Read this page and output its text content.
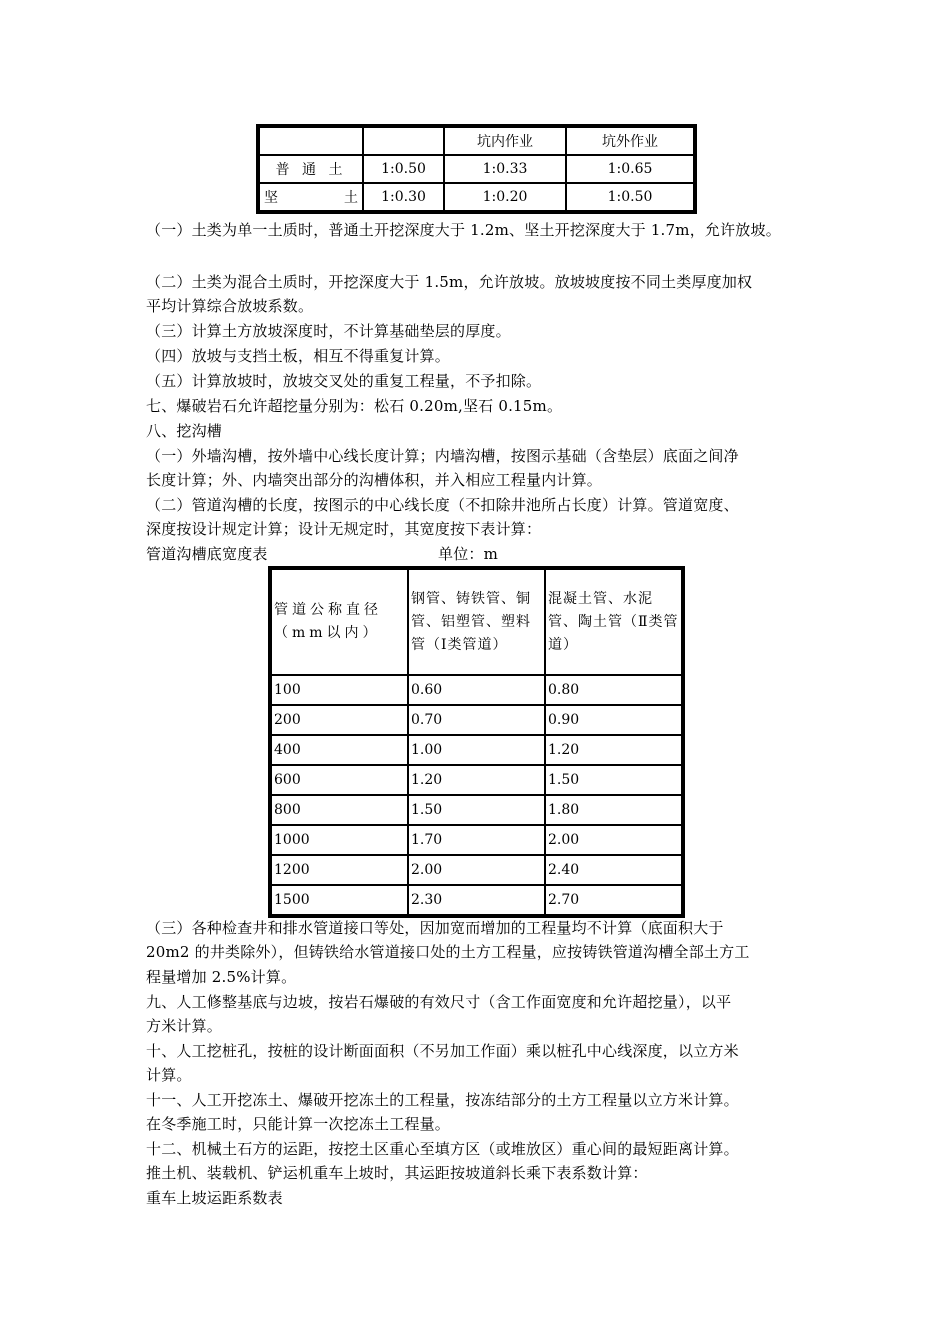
		坑内作业	坑外作业
普 通 土	1:0.50	1:0.33	1:0.65
坚 土	1:0.30	1:0.20	1:0.50

（一）土类为单一土质时，普通土开挖深度大于 1.2m、坚土开挖深度大于 1.7m，允许放坡。

（二）土类为混合土质时，开挖深度大于 1.5m，允许放坡。放坡坡度按不同土类厚度加权

平均计算综合放坡系数。

（三）计算土方放坡深度时，不计算基础垫层的厚度。

（四）放坡与支挡土板，相互不得重复计算。

（五）计算放坡时，放坡交叉处的重复工程量，不予扣除。

七、爆破岩石允许超挖量分别为：松石 0.20m,坚石 0.15m。

八、挖沟槽

（一）外墙沟槽，按外墙中心线长度计算；内墙沟槽，按图示基础（含垫层）底面之间净

长度计算；外、内墙突出部分的沟槽体积，并入相应工程量内计算。

（二）管道沟槽的长度，按图示的中心线长度（不扣除井池所占长度）计算。管道宽度、

深度按设计规定计算；设计无规定时，其宽度按下表计算：

管道沟槽底宽度表	单位：m

管道公称直径（mm以内）	钢管、铸铁管、铜管、铝塑管、塑料管（Ⅰ类管道）	混凝土管、水泥管、陶土管（Ⅱ类管道）
100	0.60	0.80
200	0.70	0.90
400	1.00	1.20
600	1.20	1.50
800	1.50	1.80
1000	1.70	2.00
1200	2.00	2.40
1500	2.30	2.70

（三）各种检查井和排水管道接口等处，因加宽而增加的工程量均不计算（底面积大于

20m2 的井类除外），但铸铁给水管道接口处的土方工程量，应按铸铁管道沟槽全部土方工

程量增加 2.5%计算。

九、人工修整基底与边坡，按岩石爆破的有效尺寸（含工作面宽度和允许超挖量），以平

方米计算。

十、人工挖桩孔，按桩的设计断面面积（不另加工作面）乘以桩孔中心线深度，以立方米

计算。

十一、人工开挖冻土、爆破开挖冻土的工程量，按冻结部分的土方工程量以立方米计算。

在冬季施工时，只能计算一次挖冻土工程量。

十二、机械土石方的运距，按挖土区重心至填方区（或堆放区）重心间的最短距离计算。

推土机、装载机、铲运机重车上坡时，其运距按坡道斜长乘下表系数计算：

重车上坡运距系数表
